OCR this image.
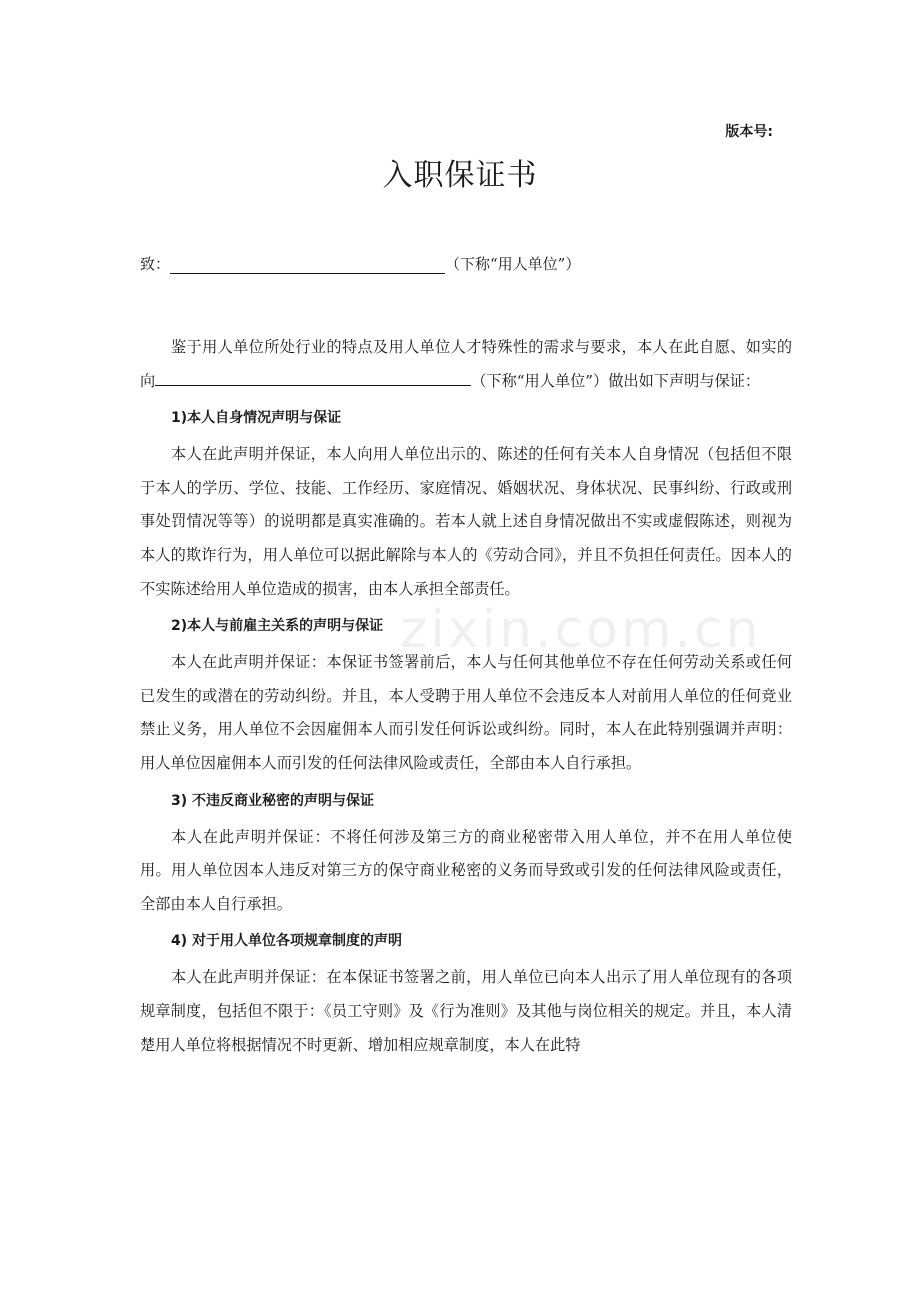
版本号:
入职保证书
致：	（下称“用人单位”）

鉴于用人单位所处行业的特点及用人单位人才特殊性的需求与要求，本人在此自愿、如实的向	（下称“用人单位”）做出如下声明与保证：

1)本人自身情况声明与保证

本人在此声明并保证，本人向用人单位出示的、陈述的任何有关本人自身情况（包括但不限于本人的学历、学位、技能、工作经历、家庭情况、婚姻状况、身体状况、民事纠纷、行政或刑事处罚情况等等）的说明都是真实准确的。若本人就上述自身情况做出不实或虚假陈述，则视为本人的欺诈行为，用人单位可以据此解除与本人的《劳动合同》，并且不负担任何责任。因本人的不实陈述给用人单位造成的损害，由本人承担全部责任。

2)本人与前雇主关系的声明与保证

本人在此声明并保证：本保证书签署前后，本人与任何其他单位不存在任何劳动关系或任何已发生的或潜在的劳动纠纷。并且，本人受聘于用人单位不会违反本人对前用人单位的任何竞业禁止义务，用人单位不会因雇佣本人而引发任何诉讼或纠纷。同时，本人在此特别强调并声明：用人单位因雇佣本人而引发的任何法律风险或责任，全部由本人自行承担。

3) 不违反商业秘密的声明与保证

本人在此声明并保证：不将任何涉及第三方的商业秘密带入用人单位，并不在用人单位使用。用人单位因本人违反对第三方的保守商业秘密的义务而导致或引发的任何法律风险或责任，全部由本人自行承担。

4) 对于用人单位各项规章制度的声明

本人在此声明并保证：在本保证书签署之前，用人单位已向本人出示了用人单位现有的各项规章制度，包括但不限于：《员工守则》及《行为准则》及其他与岗位相关的规定。并且，本人清楚用人单位将根据情况不时更新、增加相应规章制度，本人在此特

zixin.com.cn
